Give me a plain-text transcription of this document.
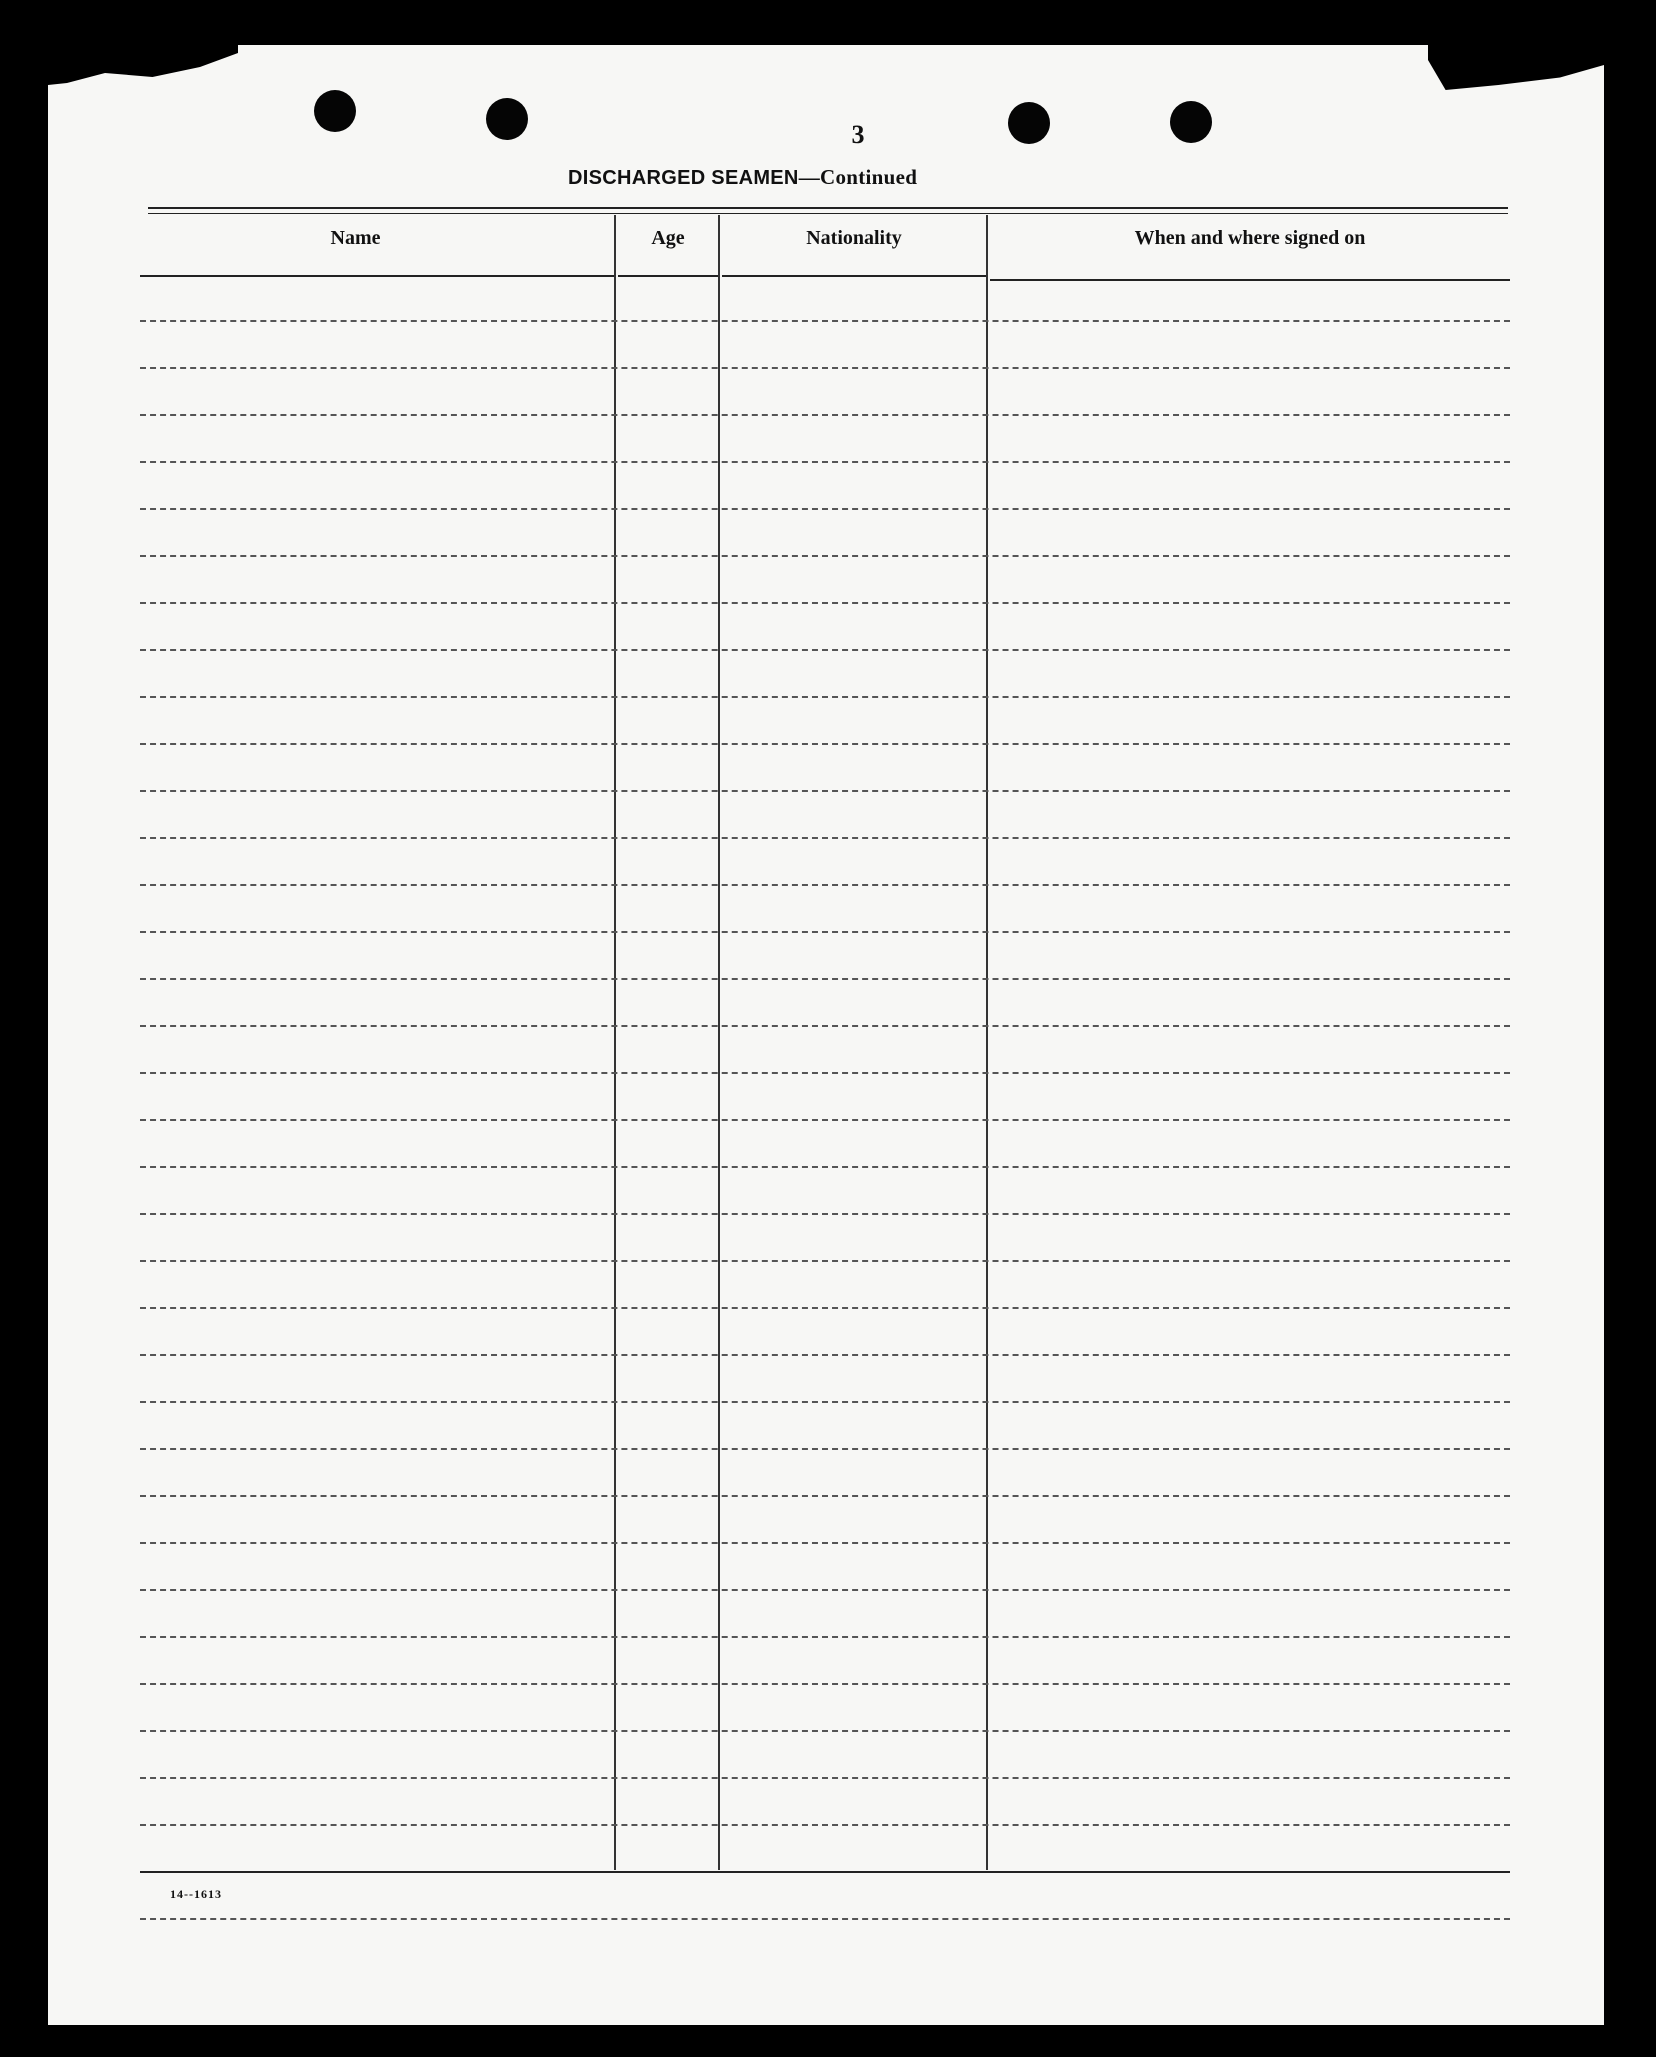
3
DISCHARGED SEAMEN—Continued
Name	Age	Nationality	When and where signed on
14--1613
